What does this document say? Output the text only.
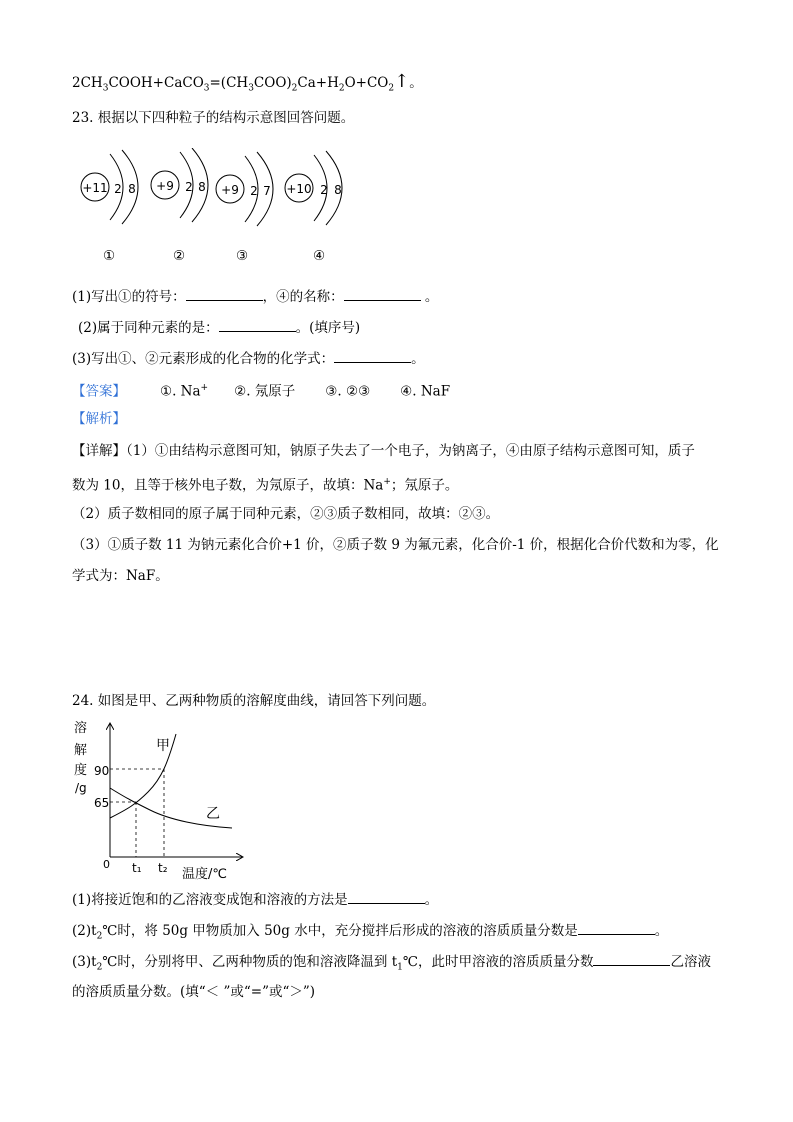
$2CH_3COOH+CaCO_3=(CH_3COO)_2Ca+H_2O+CO_2↑$。
23. 根据以下四种粒子的结构示意图回答问题。
+11 2 8 +9 2 8 +9 2 7 +10 2 8
①	②	③	④
(1)写出①的符号：	，④的名称：	。
(2)属于同种元素的是：	。(填序号)
(3)写出①、②元素形成的化合物的化学式：	。
【答案】	①. Na+ ②. 氖原子 ③. ②③ ④. NaF
【解析】
【详解】（1）①由结构示意图可知，钠原子失去了一个电子，为钠离子，④由原子结构示意图可知，质子
数为 10，且等于核外电子数，为氖原子，故填：Na+；氖原子。
（2）质子数相同的原子属于同种元素，②③质子数相同，故填：②③。
（3）①质子数 11 为钠元素化合价+1 价，②质子数 9 为氟元素，化合价-1 价，根据化合价代数和为零，化
学式为：NaF。
24. 如图是甲、乙两种物质的溶解度曲线，请回答下列问题。
溶
解
度
/g
90
65
0 t₁ t₂
甲
乙
温度/℃
(1)将接近饱和的乙溶液变成饱和溶液的方法是	。
$(2)t_2℃$时，将 50g 甲物质加入 50g 水中，充分搅拌后形成的溶液的溶质质量分数是	。
$(3)t_2℃$时，分别将甲、乙两种物质的饱和溶液降温到 $t_1℃$，此时甲溶液的溶质质量分数	乙溶液
的溶质质量分数。(填“＜ ”或“=”或“＞”)
